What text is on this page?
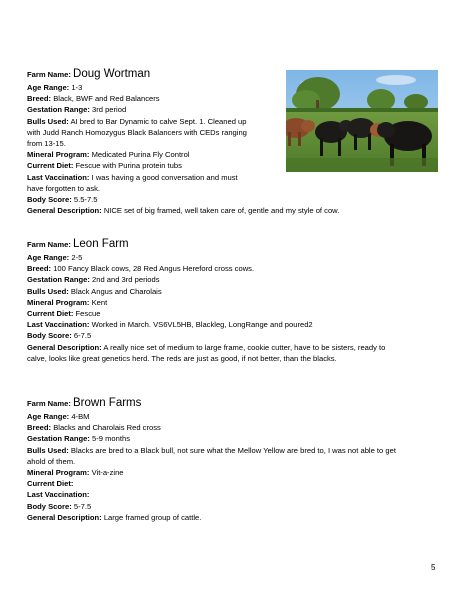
Farm Name: Doug Wortman

Age Range: 1-3

Breed: Black, BWF and Red Balancers

Gestation Range: 3rd period

Bulls Used: AI bred to Bar Dynamic to calve Sept. 1. Cleaned up

with Judd Ranch Homozygus Black Balancers with CEDs ranging

from 13-15.

Mineral Program: Medicated Purina Fly Control

Current Diet: Fescue with Purina protein tubs

Last Vaccination: I was having a good conversation and must

have forgotten to ask.

Body Score: 5.5-7.5

General Description: NICE set of big framed, well taken care of, gentle and my style of cow.

Farm Name: Leon Farm

Age Range: 2-5

Breed: 100 Fancy Black cows, 28 Red Angus Hereford cross cows.

Gestation Range: 2nd and 3rd periods

Bulls Used: Black Angus and Charolais

Mineral Program: Kent

Current Diet: Fescue

Last Vaccination: Worked in March. VS6VL5HB, Blackleg, LongRange and poured2

Body Score: 6-7.5

General Description: A really nice set of medium to large frame, cookie cutter, have to be sisters, ready to

calve, looks like great genetics herd. The reds are just as good, if not better, than the blacks.

Farm Name: Brown Farms

Age Range: 4-BM

Breed: Blacks and Charolais Red cross

Gestation Range: 5-9 months

Bulls Used: Blacks are bred to a Black bull, not sure what the Mellow Yellow are bred to, I was not able to get

ahold of them.

Mineral Program: Vit-a-zine

Current Diet:

Last Vaccination:

Body Score: 5-7.5

General Description: Large framed group of cattle.

5
